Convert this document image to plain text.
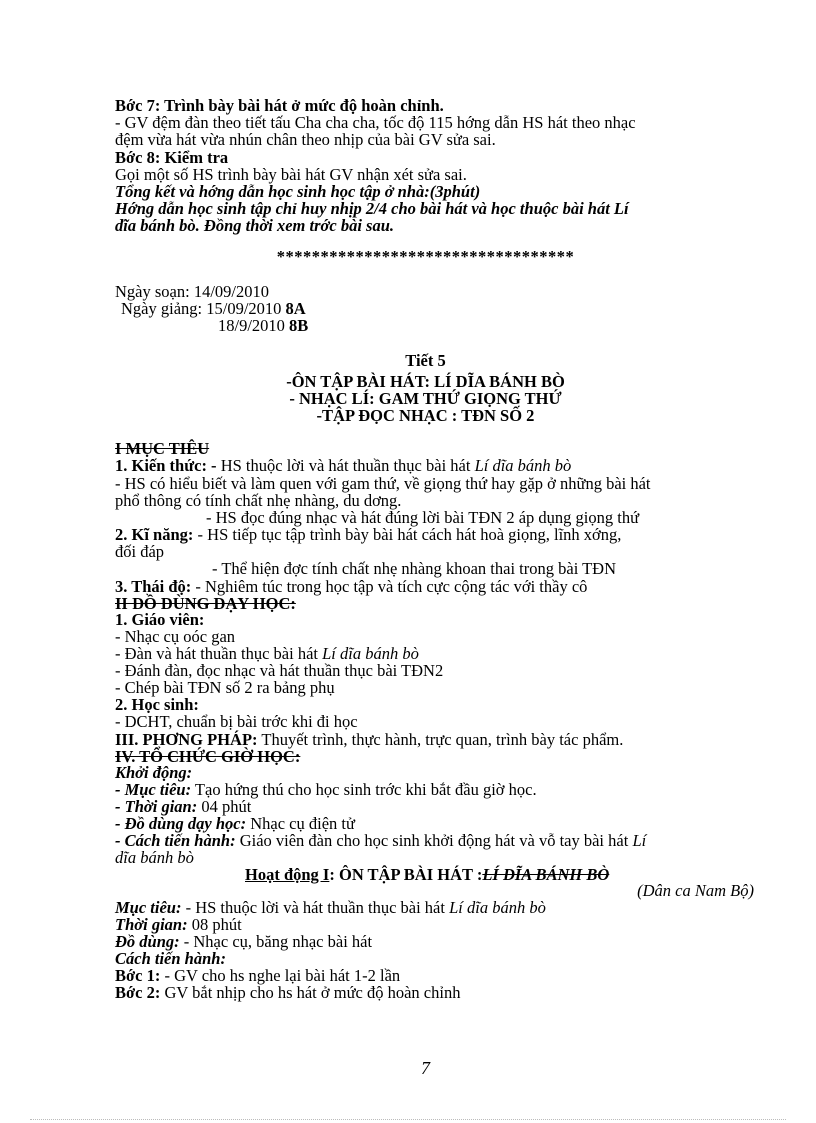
Bớc 7: Trình bày bài hát ở mức độ hoàn chỉnh.
- GV đệm đàn theo tiết tấu Cha cha cha, tốc độ 115 hớng dẫn HS hát theo nhạc
đệm vừa hát vừa nhún chân theo nhịp của bài GV sửa sai.
Bớc 8: Kiểm tra
Gọi một số HS trình bày bài hát GV nhận xét sửa sai.
Tổng kết và hớng dẫn học sinh học tập ở nhà:(3phút)
Hớng dẫn học sinh tập chỉ huy nhịp 2/4 cho bài hát và học thuộc bài hát Lí
dĩa bánh bò. Đồng thời xem trớc bài sau.
**********************************
Ngày soạn: 14/09/2010
Ngày giảng: 15/09/2010 8A
18/9/2010 8B
Tiết 5
-ÔN TẬP BÀI HÁT: LÍ DĨA BÁNH BÒ
- NHẠC LÍ: GAM THỨ GIỌNG THỨ
-TẬP ĐỌC NHẠC : TĐN SỐ 2
I MỤC TIÊU
1. Kiến thức: - HS thuộc lời và hát thuần thục bài hát Lí dĩa bánh bò
- HS có hiểu biết và làm quen với gam thứ, về giọng thứ hay gặp ở những bài hát
phổ thông có tính chất nhẹ nhàng, du dơng.
- HS đọc đúng nhạc và hát đúng lời bài TĐN 2 áp dụng giọng thứ
2. Kĩ năng: - HS tiếp tục tập trình bày bài hát cách hát hoà giọng, lĩnh xớng,
đối đáp
- Thể hiện đợc tính chất nhẹ nhàng khoan thai trong bài TĐN
3. Thái độ: - Nghiêm túc trong học tập và tích cực cộng tác với thầy cô
II ĐỒ DÙNG DẠY HỌC:
1. Giáo viên:
- Nhạc cụ oóc gan
- Đàn và hát thuần thục bài hát Lí dĩa bánh bò
- Đánh đàn, đọc nhạc và hát thuần thục bài TĐN2
- Chép bài TĐN số 2 ra bảng phụ
2. Học sinh:
- DCHT, chuẩn bị bài trớc khi đi học
III. PHƠNG PHÁP: Thuyết trình, thực hành, trực quan, trình bày tác phẩm.
IV. TỔ CHỨC GIỜ HỌC:
Khởi động:
- Mục tiêu: Tạo hứng thú cho học sinh trớc khi bắt đầu giờ học.
- Thời gian: 04 phút
- Đồ dùng dạy học: Nhạc cụ điện tử
- Cách tiến hành: Giáo viên đàn cho học sinh khởi động hát và vỗ tay bài hát Lí
dĩa bánh bò
Hoạt động I: ÔN TẬP BÀI HÁT :LÍ DĨA BÁNH BÒ
(Dân ca Nam Bộ)
Mục tiêu: - HS thuộc lời và hát thuần thục bài hát Lí dĩa bánh bò
Thời gian: 08 phút
Đồ dùng: - Nhạc cụ, băng nhạc bài hát
Cách tiến hành:
Bớc 1: - GV cho hs nghe lại bài hát 1-2 lần
Bớc 2: GV bắt nhịp cho hs hát ở mức độ hoàn chỉnh
7
